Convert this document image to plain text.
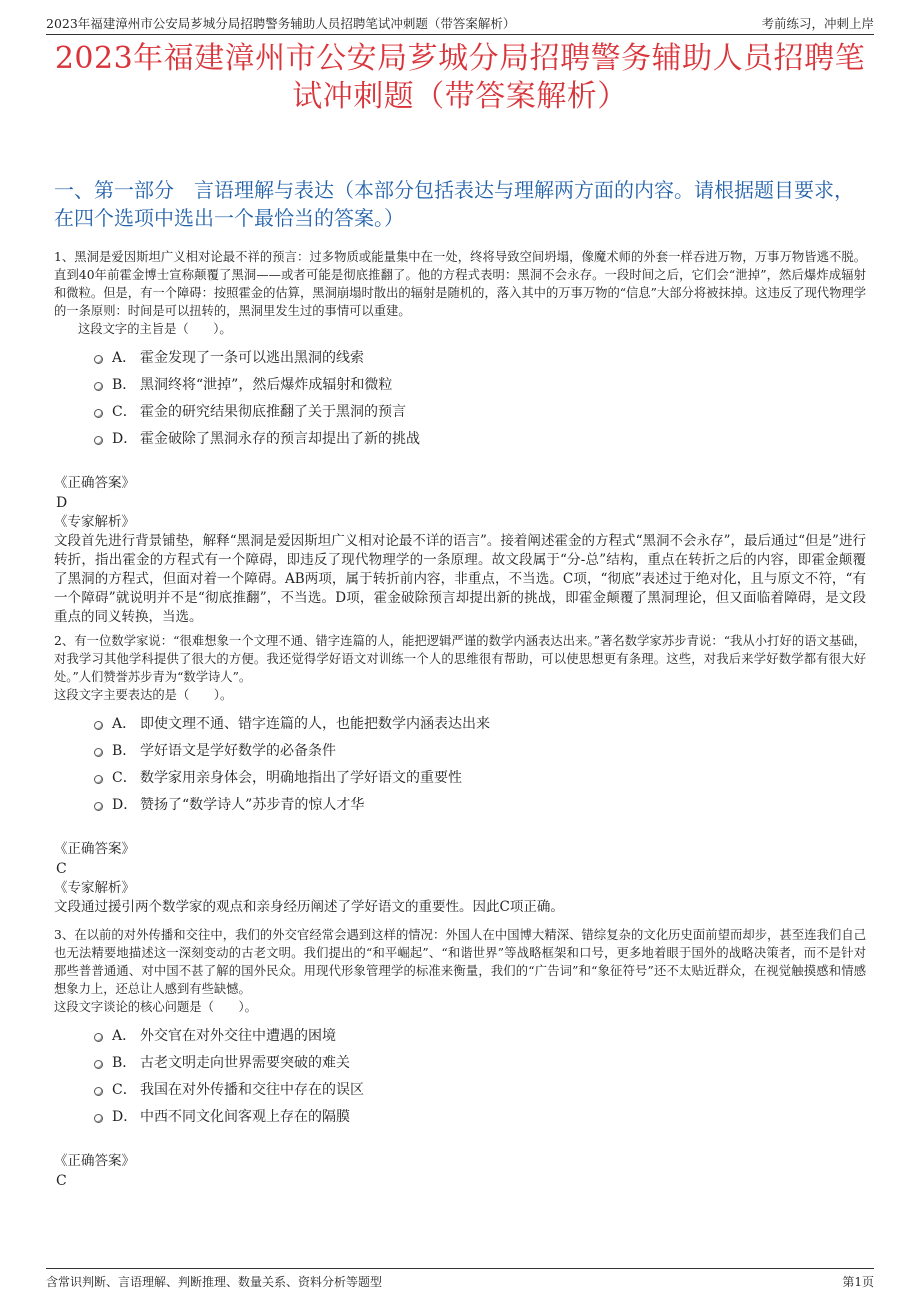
2023年福建漳州市公安局芗城分局招聘警务辅助人员招聘笔试冲刺题（带答案解析）	考前练习，冲刺上岸
2023年福建漳州市公安局芗城分局招聘警务辅助人员招聘笔试冲刺题（带答案解析）
一、第一部分　言语理解与表达（本部分包括表达与理解两方面的内容。请根据题目要求，在四个选项中选出一个最恰当的答案。）

1、黑洞是爱因斯坦广义相对论最不祥的预言：过多物质或能量集中在一处，终将导致空间坍塌，像魔术师的外套一样吞进万物，万事万物皆逃不脱。直到40年前霍金博士宣称颠覆了黑洞——或者可能是彻底推翻了。他的方程式表明：黑洞不会永存。一段时间之后，它们会“泄掉”，然后爆炸成辐射和微粒。但是，有一个障碍：按照霍金的估算，黑洞崩塌时散出的辐射是随机的，落入其中的万事万物的“信息”大部分将被抹掉。这违反了现代物理学的一条原则：时间是可以扭转的，黑洞里发生过的事情可以重建。

这段文字的主旨是（　　）。

A． 霍金发现了一条可以逃出黑洞的线索
B． 黑洞终将“泄掉”，然后爆炸成辐射和微粒
C． 霍金的研究结果彻底推翻了关于黑洞的预言
D． 霍金破除了黑洞永存的预言却提出了新的挑战
《正确答案》
D
《专家解析》
文段首先进行背景铺垫，解释“黑洞是爱因斯坦广义相对论最不详的语言”。接着阐述霍金的方程式“黑洞不会永存”，最后通过“但是”进行转折，指出霍金的方程式有一个障碍，即违反了现代物理学的一条原理。故文段属于“分-总”结构，重点在转折之后的内容，即霍金颠覆了黑洞的方程式，但面对着一个障碍。AB两项，属于转折前内容，非重点，不当选。C项，“彻底”表述过于绝对化，且与原文不符，“有一个障碍”就说明并不是“彻底推翻”，不当选。D项，霍金破除预言却提出新的挑战，即霍金颠覆了黑洞理论，但又面临着障碍，是文段重点的同义转换，当选。

2、有一位数学家说：“很难想象一个文理不通、错字连篇的人，能把逻辑严谨的数学内涵表达出来。”著名数学家苏步青说：“我从小打好的语文基础，对我学习其他学科提供了很大的方便。我还觉得学好语文对训练一个人的思维很有帮助，可以使思想更有条理。这些，对我后来学好数学都有很大好处。”人们赞誉苏步青为“数学诗人”。

这段文字主要表达的是（　　）。

A． 即使文理不通、错字连篇的人，也能把数学内涵表达出来
B． 学好语文是学好数学的必备条件
C． 数学家用亲身体会，明确地指出了学好语文的重要性
D． 赞扬了“数学诗人”苏步青的惊人才华
《正确答案》
C
《专家解析》
文段通过援引两个数学家的观点和亲身经历阐述了学好语文的重要性。因此C项正确。

3、在以前的对外传播和交往中，我们的外交官经常会遇到这样的情况：外国人在中国博大精深、错综复杂的文化历史面前望而却步，甚至连我们自己也无法精要地描述这一深刻变动的古老文明。我们提出的“和平崛起”、“和谐世界”等战略框架和口号，更多地着眼于国外的战略决策者，而不是针对那些普普通通、对中国不甚了解的国外民众。用现代形象管理学的标准来衡量，我们的“广告词”和“象征符号”还不太贴近群众，在视觉触摸感和情感想象力上，还总让人感到有些缺憾。

这段文字谈论的核心问题是（　　）。

A． 外交官在对外交往中遭遇的困境
B． 古老文明走向世界需要突破的难关
C． 我国在对外传播和交往中存在的误区
D． 中西不同文化间客观上存在的隔膜
《正确答案》
C
含常识判断、言语理解、判断推理、数量关系、资料分析等题型	第1页
